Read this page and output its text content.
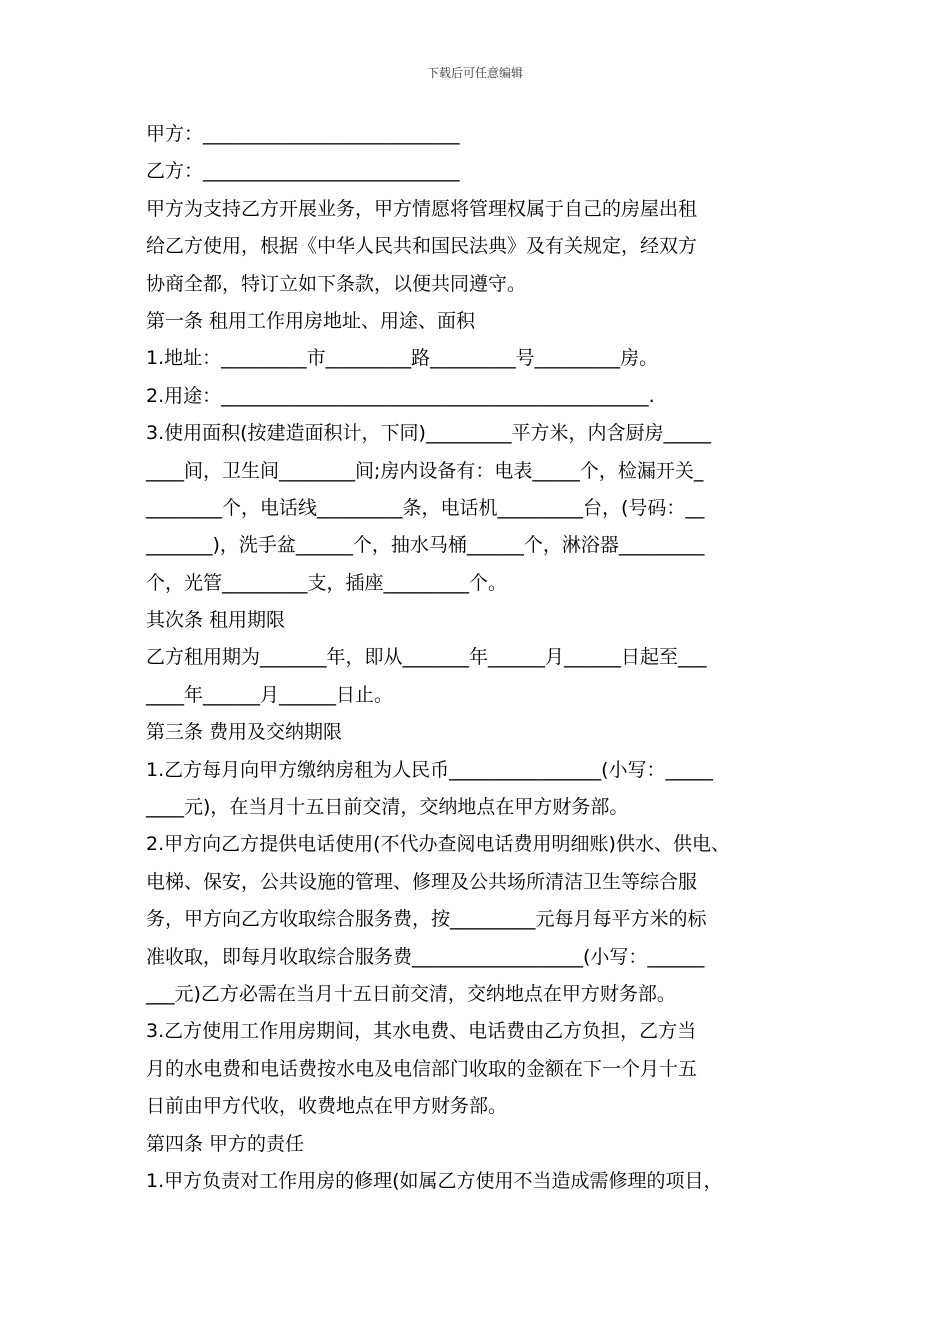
下载后可任意编辑

甲方：___________________________

乙方：___________________________

甲方为支持乙方开展业务，甲方情愿将管理权属于自己的房屋出租

给乙方使用，根据《中华人民共和国民法典》及有关规定，经双方

协商全都，特订立如下条款，以便共同遵守。

第一条 租用工作用房地址、用途、面积

1.地址：_________市_________路_________号_________房。

2.用途：_____________________________________________.

3.使用面积(按建造面积计，下同)_________平方米，内含厨房_____

____间，卫生间________间;房内设备有：电表_____个，检漏开关_

________个，电话线_________条，电话机_________台，(号码：__

_______)，洗手盆______个，抽水马桶______个，淋浴器_________

个，光管_________支，插座_________个。

其次条 租用期限

乙方租用期为_______年，即从_______年______月______日起至___

____年______月______日止。

第三条 费用及交纳期限

1.乙方每月向甲方缴纳房租为人民币________________(小写：_____

____元)，在当月十五日前交清，交纳地点在甲方财务部。

2.甲方向乙方提供电话使用(不代办查阅电话费用明细账)供水、供电、

电梯、保安，公共设施的管理、修理及公共场所清洁卫生等综合服

务，甲方向乙方收取综合服务费，按_________元每月每平方米的标

准收取，即每月收取综合服务费__________________(小写：______

___元)乙方必需在当月十五日前交清，交纳地点在甲方财务部。

3.乙方使用工作用房期间，其水电费、电话费由乙方负担，乙方当

月的水电费和电话费按水电及电信部门收取的金额在下一个月十五

日前由甲方代收，收费地点在甲方财务部。

第四条 甲方的责任

1.甲方负责对工作用房的修理(如属乙方使用不当造成需修理的项目，
